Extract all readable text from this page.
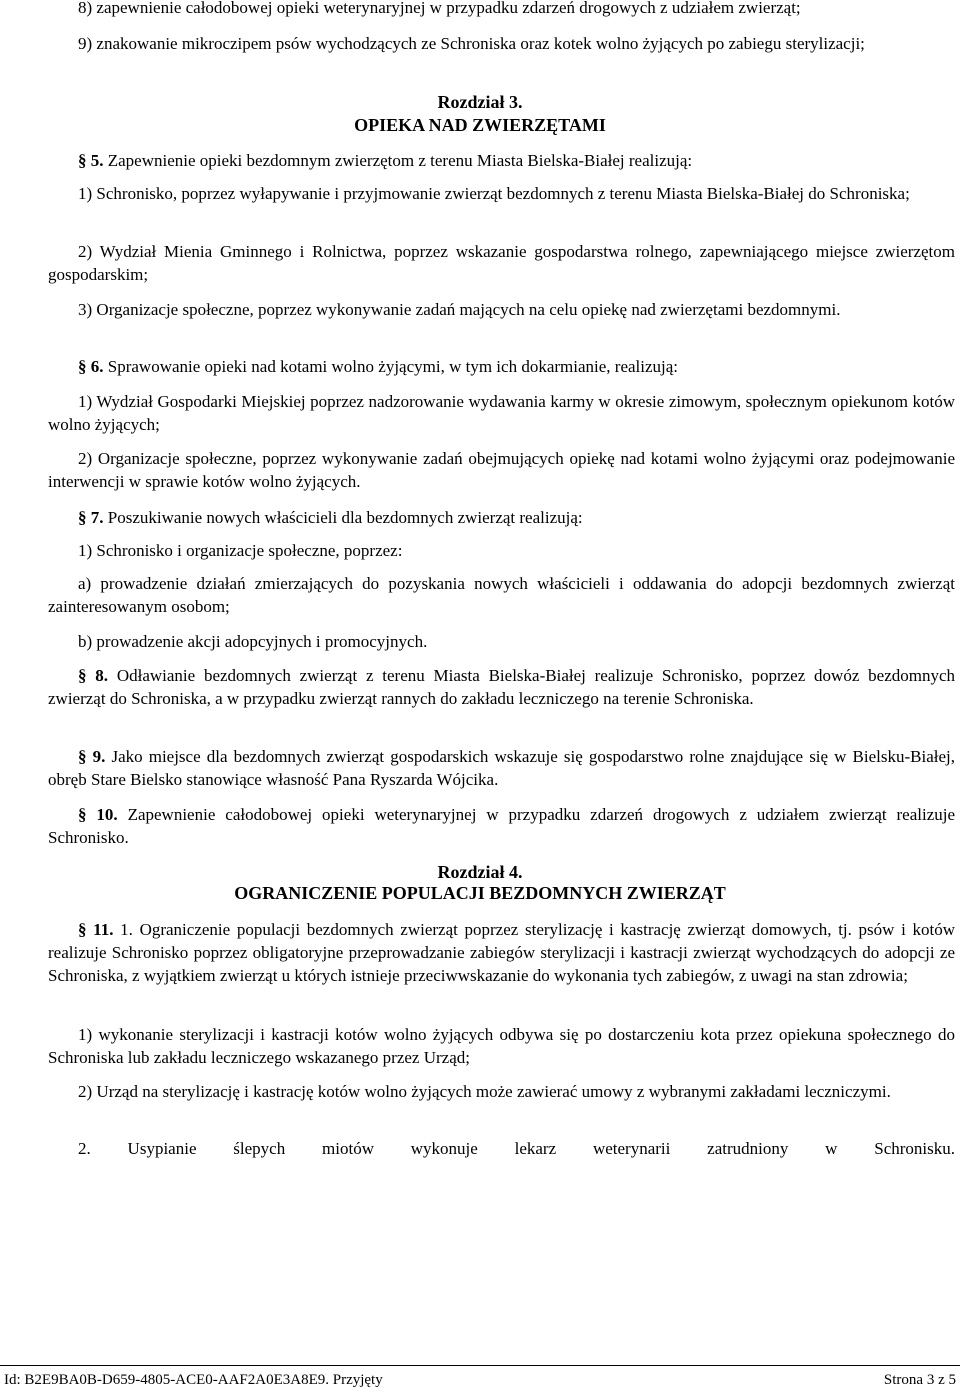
8) zapewnienie całodobowej opieki weterynaryjnej w przypadku zdarzeń drogowych z udziałem zwierząt;

9) znakowanie mikroczipem psów wychodzących ze Schroniska oraz kotek wolno żyjących po zabiegu sterylizacji;

Rozdział 3.

OPIEKA NAD ZWIERZĘTAMI

§ 5. Zapewnienie opieki bezdomnym zwierzętom z terenu Miasta Bielska-Białej realizują:

1) Schronisko, poprzez wyłapywanie i przyjmowanie zwierząt bezdomnych z terenu Miasta Bielska-Białej do Schroniska;

2) Wydział Mienia Gminnego i Rolnictwa, poprzez wskazanie gospodarstwa rolnego, zapewniającego miejsce zwierzętom gospodarskim;

3) Organizacje społeczne, poprzez wykonywanie zadań mających na celu opiekę nad zwierzętami bezdomnymi.

§ 6. Sprawowanie opieki nad kotami wolno żyjącymi, w tym ich dokarmianie, realizują:

1) Wydział Gospodarki Miejskiej poprzez nadzorowanie wydawania karmy w okresie zimowym, społecznym opiekunom kotów wolno żyjących;

2) Organizacje społeczne, poprzez wykonywanie zadań obejmujących opiekę nad kotami wolno żyjącymi oraz podejmowanie interwencji w sprawie kotów wolno żyjących.

§ 7. Poszukiwanie nowych właścicieli dla bezdomnych zwierząt realizują:

1) Schronisko i organizacje społeczne, poprzez:

a) prowadzenie działań zmierzających do pozyskania nowych właścicieli i oddawania do adopcji bezdomnych zwierząt zainteresowanym osobom;

b) prowadzenie akcji adopcyjnych i promocyjnych.

§ 8. Odławianie bezdomnych zwierząt z terenu Miasta Bielska-Białej realizuje Schronisko, poprzez dowóz bezdomnych zwierząt do Schroniska, a w przypadku zwierząt rannych do zakładu leczniczego na terenie Schroniska.

§ 9. Jako miejsce dla bezdomnych zwierząt gospodarskich wskazuje się gospodarstwo rolne znajdujące się w Bielsku-Białej, obręb Stare Bielsko stanowiące własność Pana Ryszarda Wójcika.

§ 10. Zapewnienie całodobowej opieki weterynaryjnej w przypadku zdarzeń drogowych z udziałem zwierząt realizuje Schronisko.

Rozdział 4.

OGRANICZENIE POPULACJI BEZDOMNYCH ZWIERZĄT

§ 11. 1. Ograniczenie populacji bezdomnych zwierząt poprzez sterylizację i kastrację zwierząt domowych, tj. psów i kotów realizuje Schronisko poprzez obligatoryjne przeprowadzanie zabiegów sterylizacji i kastracji zwierząt wychodzących do adopcji ze Schroniska, z wyjątkiem zwierząt u których istnieje przeciwwskazanie do wykonania tych zabiegów, z uwagi na stan zdrowia;

1) wykonanie sterylizacji i kastracji kotów wolno żyjących odbywa się po dostarczeniu kota przez opiekuna społecznego do Schroniska lub zakładu leczniczego wskazanego przez Urząd;

2) Urząd na sterylizację i kastrację kotów wolno żyjących może zawierać umowy z wybranymi zakładami leczniczymi.

2. Usypianie ślepych miotów wykonuje lekarz weterynarii zatrudniony w Schronisku.

Id: B2E9BA0B-D659-4805-ACE0-AAF2A0E3A8E9. Przyjęty	Strona 3 z 5
